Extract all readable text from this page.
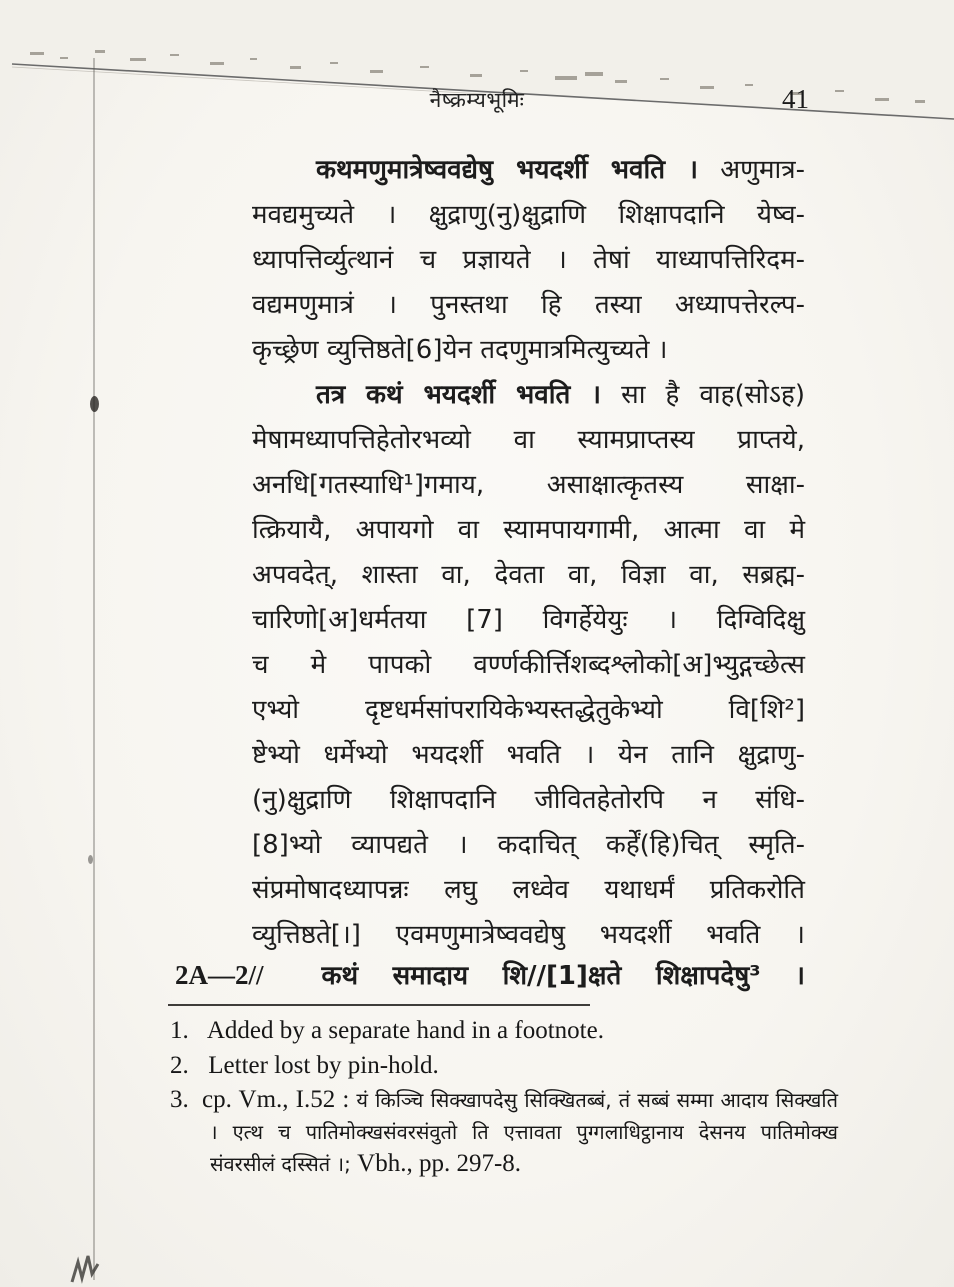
नैष्क्रम्यभूमिः	41
कथमणुमात्रेष्ववद्येषु भयदर्शी भवति । अणुमात्र-
मवद्यमुच्यते । क्षुद्राणु(नु)क्षुद्राणि शिक्षापदानि येष्व-
ध्यापत्तिर्व्युत्थानं च प्रज्ञायते । तेषां याध्यापत्तिरिदम-
वद्यमणुमात्रं । पुनस्तथा हि तस्या अध्यापत्तेरल्प-
कृच्छ्रेण व्युत्तिष्ठते[6]येन तदणुमात्रमित्युच्यते ।
तत्र कथं भयदर्शी भवति । सा है वाह(सोऽह)
मेषामध्यापत्तिहेतोरभव्यो वा स्यामप्राप्तस्य प्राप्तये,
अनधि[गतस्याधि¹]गमाय, असाक्षात्कृतस्य साक्षा-
त्क्रियायै, अपायगो वा स्यामपायगामी, आत्मा वा मे
अपवदेत्, शास्ता वा, देवता वा, विज्ञा वा, सब्रह्म-
चारिणो[अ]धर्मतया [7] विगर्हेयेयुः । दिग्विदिक्षु
च मे पापको वर्ण्णकीर्त्तिशब्दश्लोको[अ]भ्युद्गच्छेत्स
एभ्यो दृष्टधर्मसांपरायिकेभ्यस्तद्धेतुकेभ्यो वि[शि²]
ष्टेभ्यो धर्मेभ्यो भयदर्शी भवति । येन तानि क्षुद्राणु-
(नु)क्षुद्राणि शिक्षापदानि जीवितहेतोरपि न संधि-
[8]भ्यो व्यापद्यते । कदाचित् कर्हें(हि)चित् स्मृति-
संप्रमोषादध्यापन्नः लघु लध्वेव यथाधर्मं प्रतिकरोति
व्युत्तिष्ठते[।] एवमणुमात्रेष्ववद्येषु भयदर्शी भवति ।
2A—2//	कथं समादाय शि//[1]क्षते शिक्षापदेषु³ ।
1. Added by a separate hand in a footnote.
2. Letter lost by pin-hold.
3. cp. Vm., I.52 : यं किञ्चि सिक्खापदेसु सिक्खितब्बं, तं सब्बं सम्मा आदाय सिक्खति । एत्थ च पातिमोक्खसंवरसंवुतो ति एत्तावता पुग्गलाधिट्ठानाय देसनय पातिमोक्ख संवरसीलं दस्सितं ।; Vbh., pp. 297-8.
